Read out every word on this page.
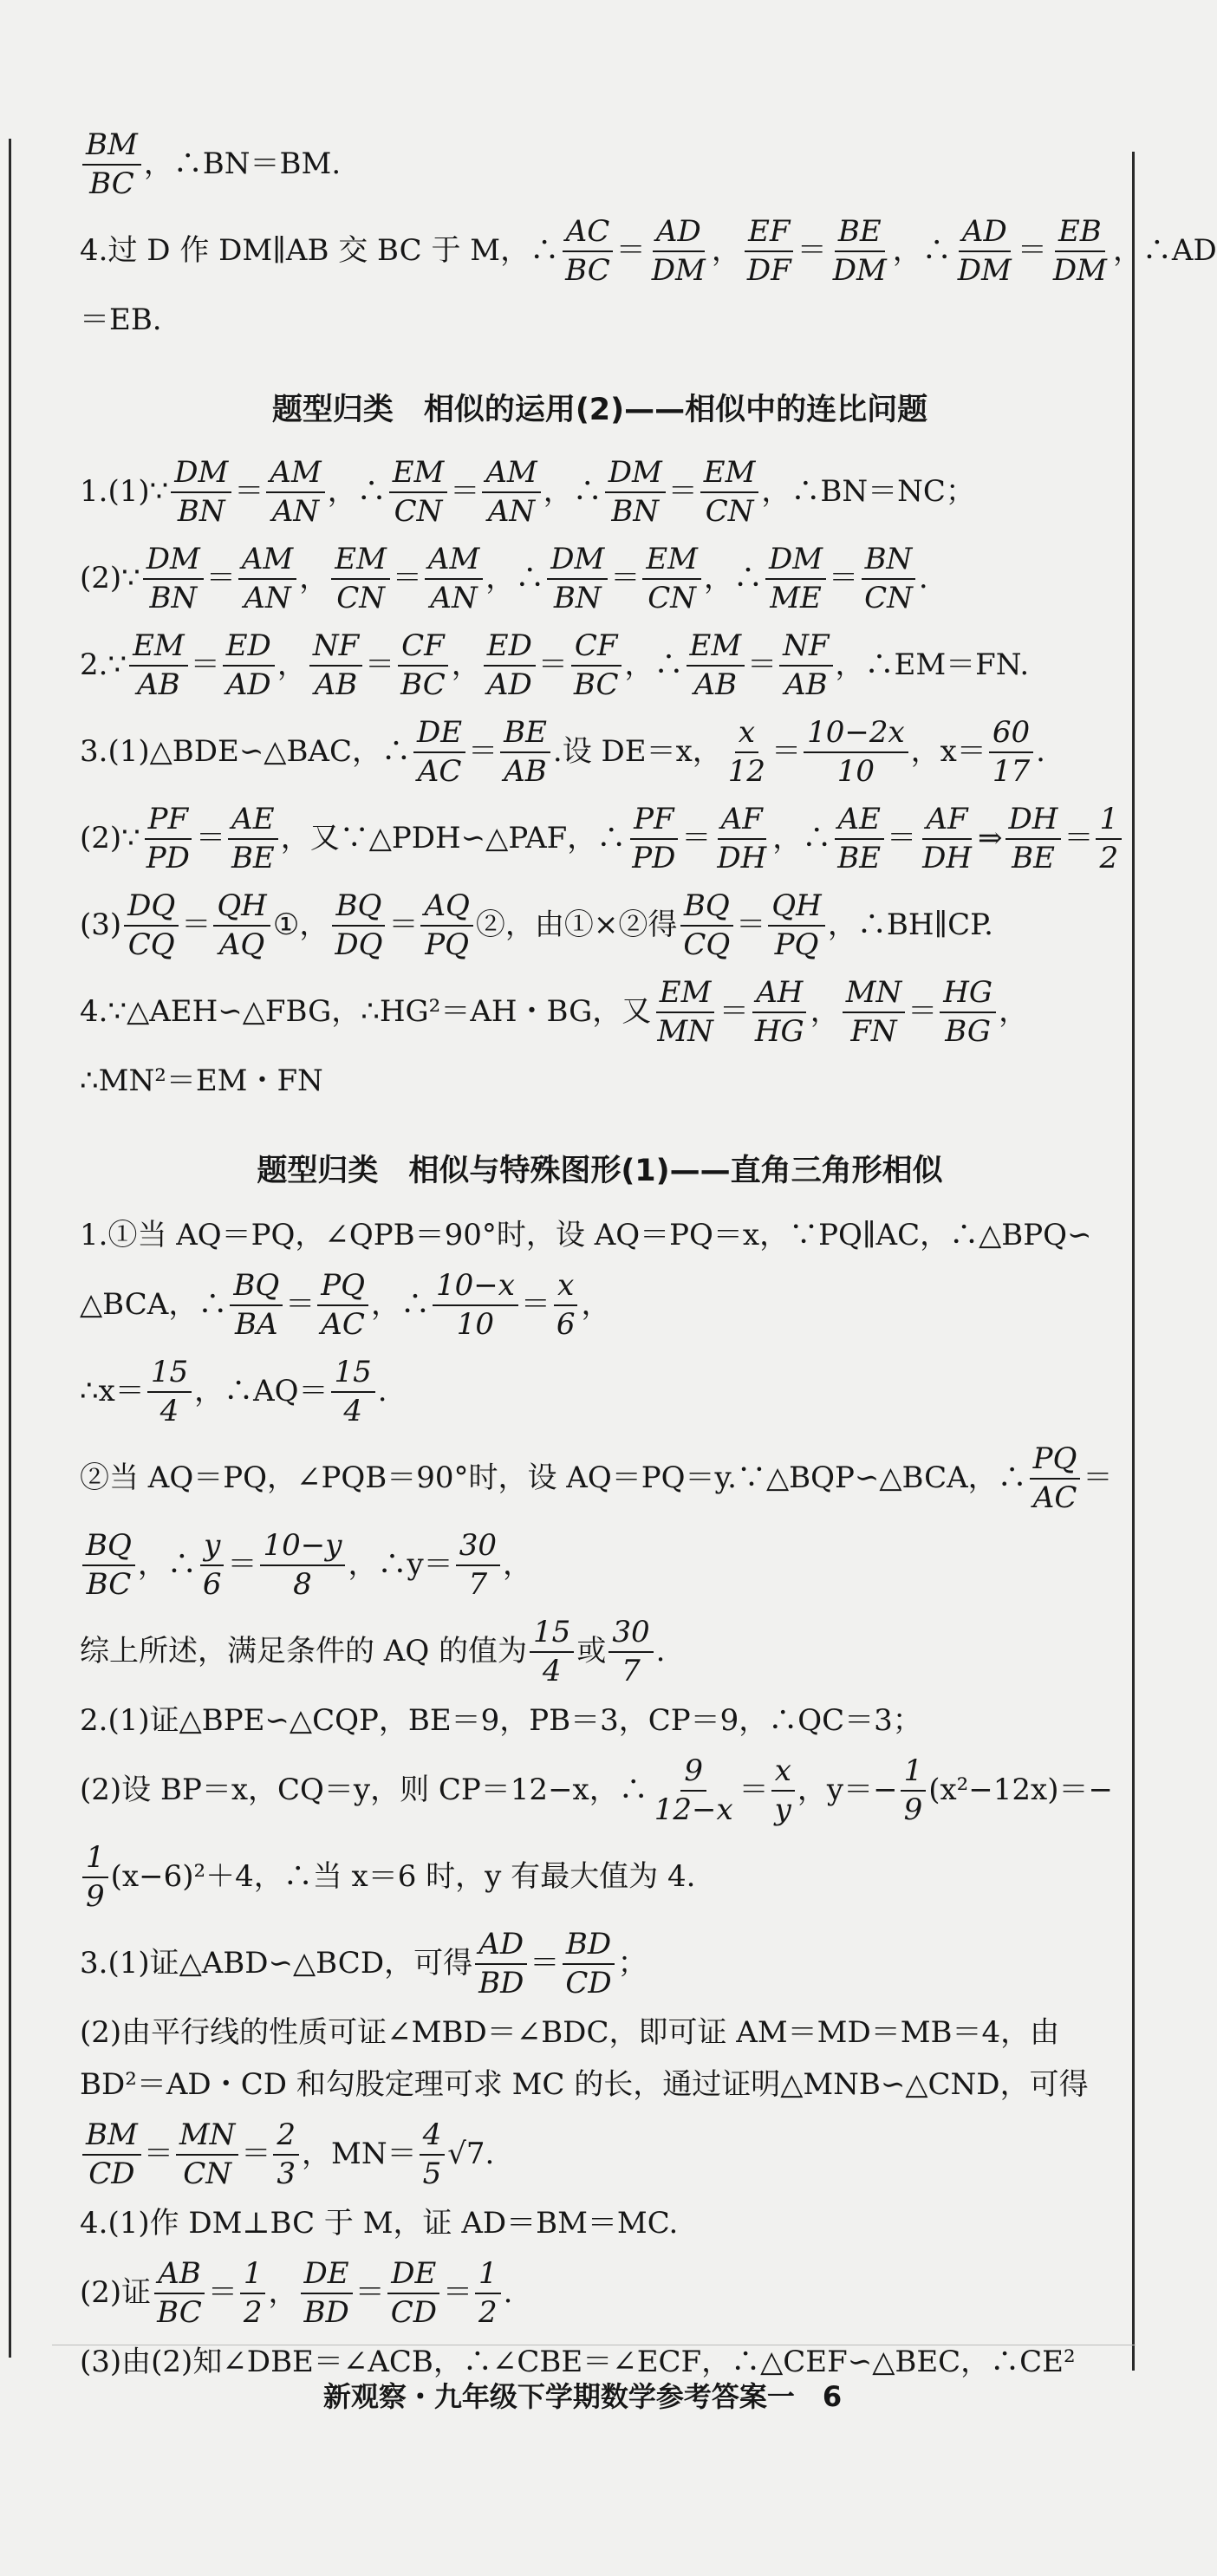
$\frac{BM}{BC}$ ，∴BN＝BM.
4.过 D 作 DM∥AB 交 BC 于 M，∴ $\frac{AC}{BC} = \frac{AD}{DM}$ ， $\frac{EF}{DF} = \frac{BE}{DM}$ ，∴ $\frac{AD}{DM} = \frac{EB}{DM}$ ，∴AD
＝EB.
题型归类　相似的运用(2)——相似中的连比问题
1.(1)∵ $\frac{DM}{BN} = \frac{AM}{AN}$ ，∴ $\frac{EM}{CN} = \frac{AM}{AN}$ ，∴ $\frac{DM}{BN} = \frac{EM}{CN}$ ，∴BN＝NC；
(2)∵ $\frac{DM}{BN} = \frac{AM}{AN}$ ， $\frac{EM}{CN} = \frac{AM}{AN}$ ，∴ $\frac{DM}{BN} = \frac{EM}{CN}$ ，∴ $\frac{DM}{ME} = \frac{BN}{CN}$ .
2.∵ $\frac{EM}{AB} = \frac{ED}{AD}$ ， $\frac{NF}{AB} = \frac{CF}{BC}$ ， $\frac{ED}{AD} = \frac{CF}{BC}$ ，∴ $\frac{EM}{AB} = \frac{NF}{AB}$ ，∴EM＝FN.
3.(1)△BDE∽△BAC，∴ $\frac{DE}{AC} = \frac{BE}{AB}$ .设 DE＝x， $\frac{x}{12} = \frac{10-2x}{10}$ ，$x= \frac{60}{17}$ .
(2)∵ $\frac{PF}{PD} = \frac{AE}{BE}$ ，又∵△PDH∽△PAF，∴ $\frac{PF}{PD} = \frac{AF}{DH}$ ，∴ $\frac{AE}{BE} = \frac{AF}{DH}$ ⇒ $\frac{DH}{BE} = \frac{1}{2}$
$(3) \frac{DQ}{CQ} = \frac{QH}{AQ}$ ①， $\frac{BQ}{DQ} = \frac{AQ}{PQ}$ ②，由①×②得 $\frac{BQ}{CQ} = \frac{QH}{PQ}$ ，∴BH∥CP.
4.∵△AEH∽△FBG，∴HG²＝AH・BG，又 $\frac{EM}{MN} = \frac{AH}{HG}$ ， $\frac{MN}{FN} = \frac{HG}{BG}$ ，
∴MN²＝EM・FN
题型归类　相似与特殊图形(1)——直角三角形相似
1.①当 AQ＝PQ，∠QPB＝90°时，设 AQ＝PQ＝x，∵PQ∥AC，∴△BPQ∽
△BCA，∴ $\frac{BQ}{BA} = \frac{PQ}{AC}$ ，∴ $\frac{10-x}{10} = \frac{x}{6}$ ，
∴x＝ $\frac{15}{4}$ ，∴AQ＝ $\frac{15}{4}$ .
②当 AQ＝PQ，∠PQB＝90°时，设 AQ＝PQ＝y.∵△BQP∽△BCA，∴ $\frac{PQ}{AC}$ ＝
$\frac{BQ}{BC}$ ，∴ $\frac{y}{6} = \frac{10-y}{8}$ ，∴y＝ $\frac{30}{7}$ ，
综上所述，满足条件的 AQ 的值为 $\frac{15}{4}$ 或 $\frac{30}{7}$ .
2.(1)证△BPE∽△CQP，BE＝9，PB＝3，CP＝9，∴QC＝3；
(2)设 BP＝x，CQ＝y，则 CP＝12−x，∴ $\frac{9}{12-x} = \frac{x}{y}$ ，$y=- \frac{1}{9} (x^2-12x)=-$
$\frac{1}{9} (x-6)^2+4$，∴当 x＝6 时，y 有最大值为 4.
3.(1)证△ABD∽△BCD，可得 $\frac{AD}{BD} = \frac{BD}{CD}$ ；
(2)由平行线的性质可证∠MBD＝∠BDC，即可证 AM＝MD＝MB＝4，由
BD²＝AD・CD 和勾股定理可求 MC 的长，通过证明△MNB∽△CND，可得
$\frac{BM}{CD} = \frac{MN}{CN} = \frac{2}{3}$ ，$MN= \frac{4}{5} √7$.
4.(1)作 DM⊥BC 于 M，证 AD＝BM＝MC.
(2)证 $\frac{AB}{BC} = \frac{1}{2}$ ， $\frac{DE}{BD} = \frac{DE}{CD} = \frac{1}{2}$ .
(3)由(2)知∠DBE＝∠ACB，∴∠CBE＝∠ECF，∴△CEF∽△BEC，∴CE²
新观察・九年级下学期数学参考答案一　6
